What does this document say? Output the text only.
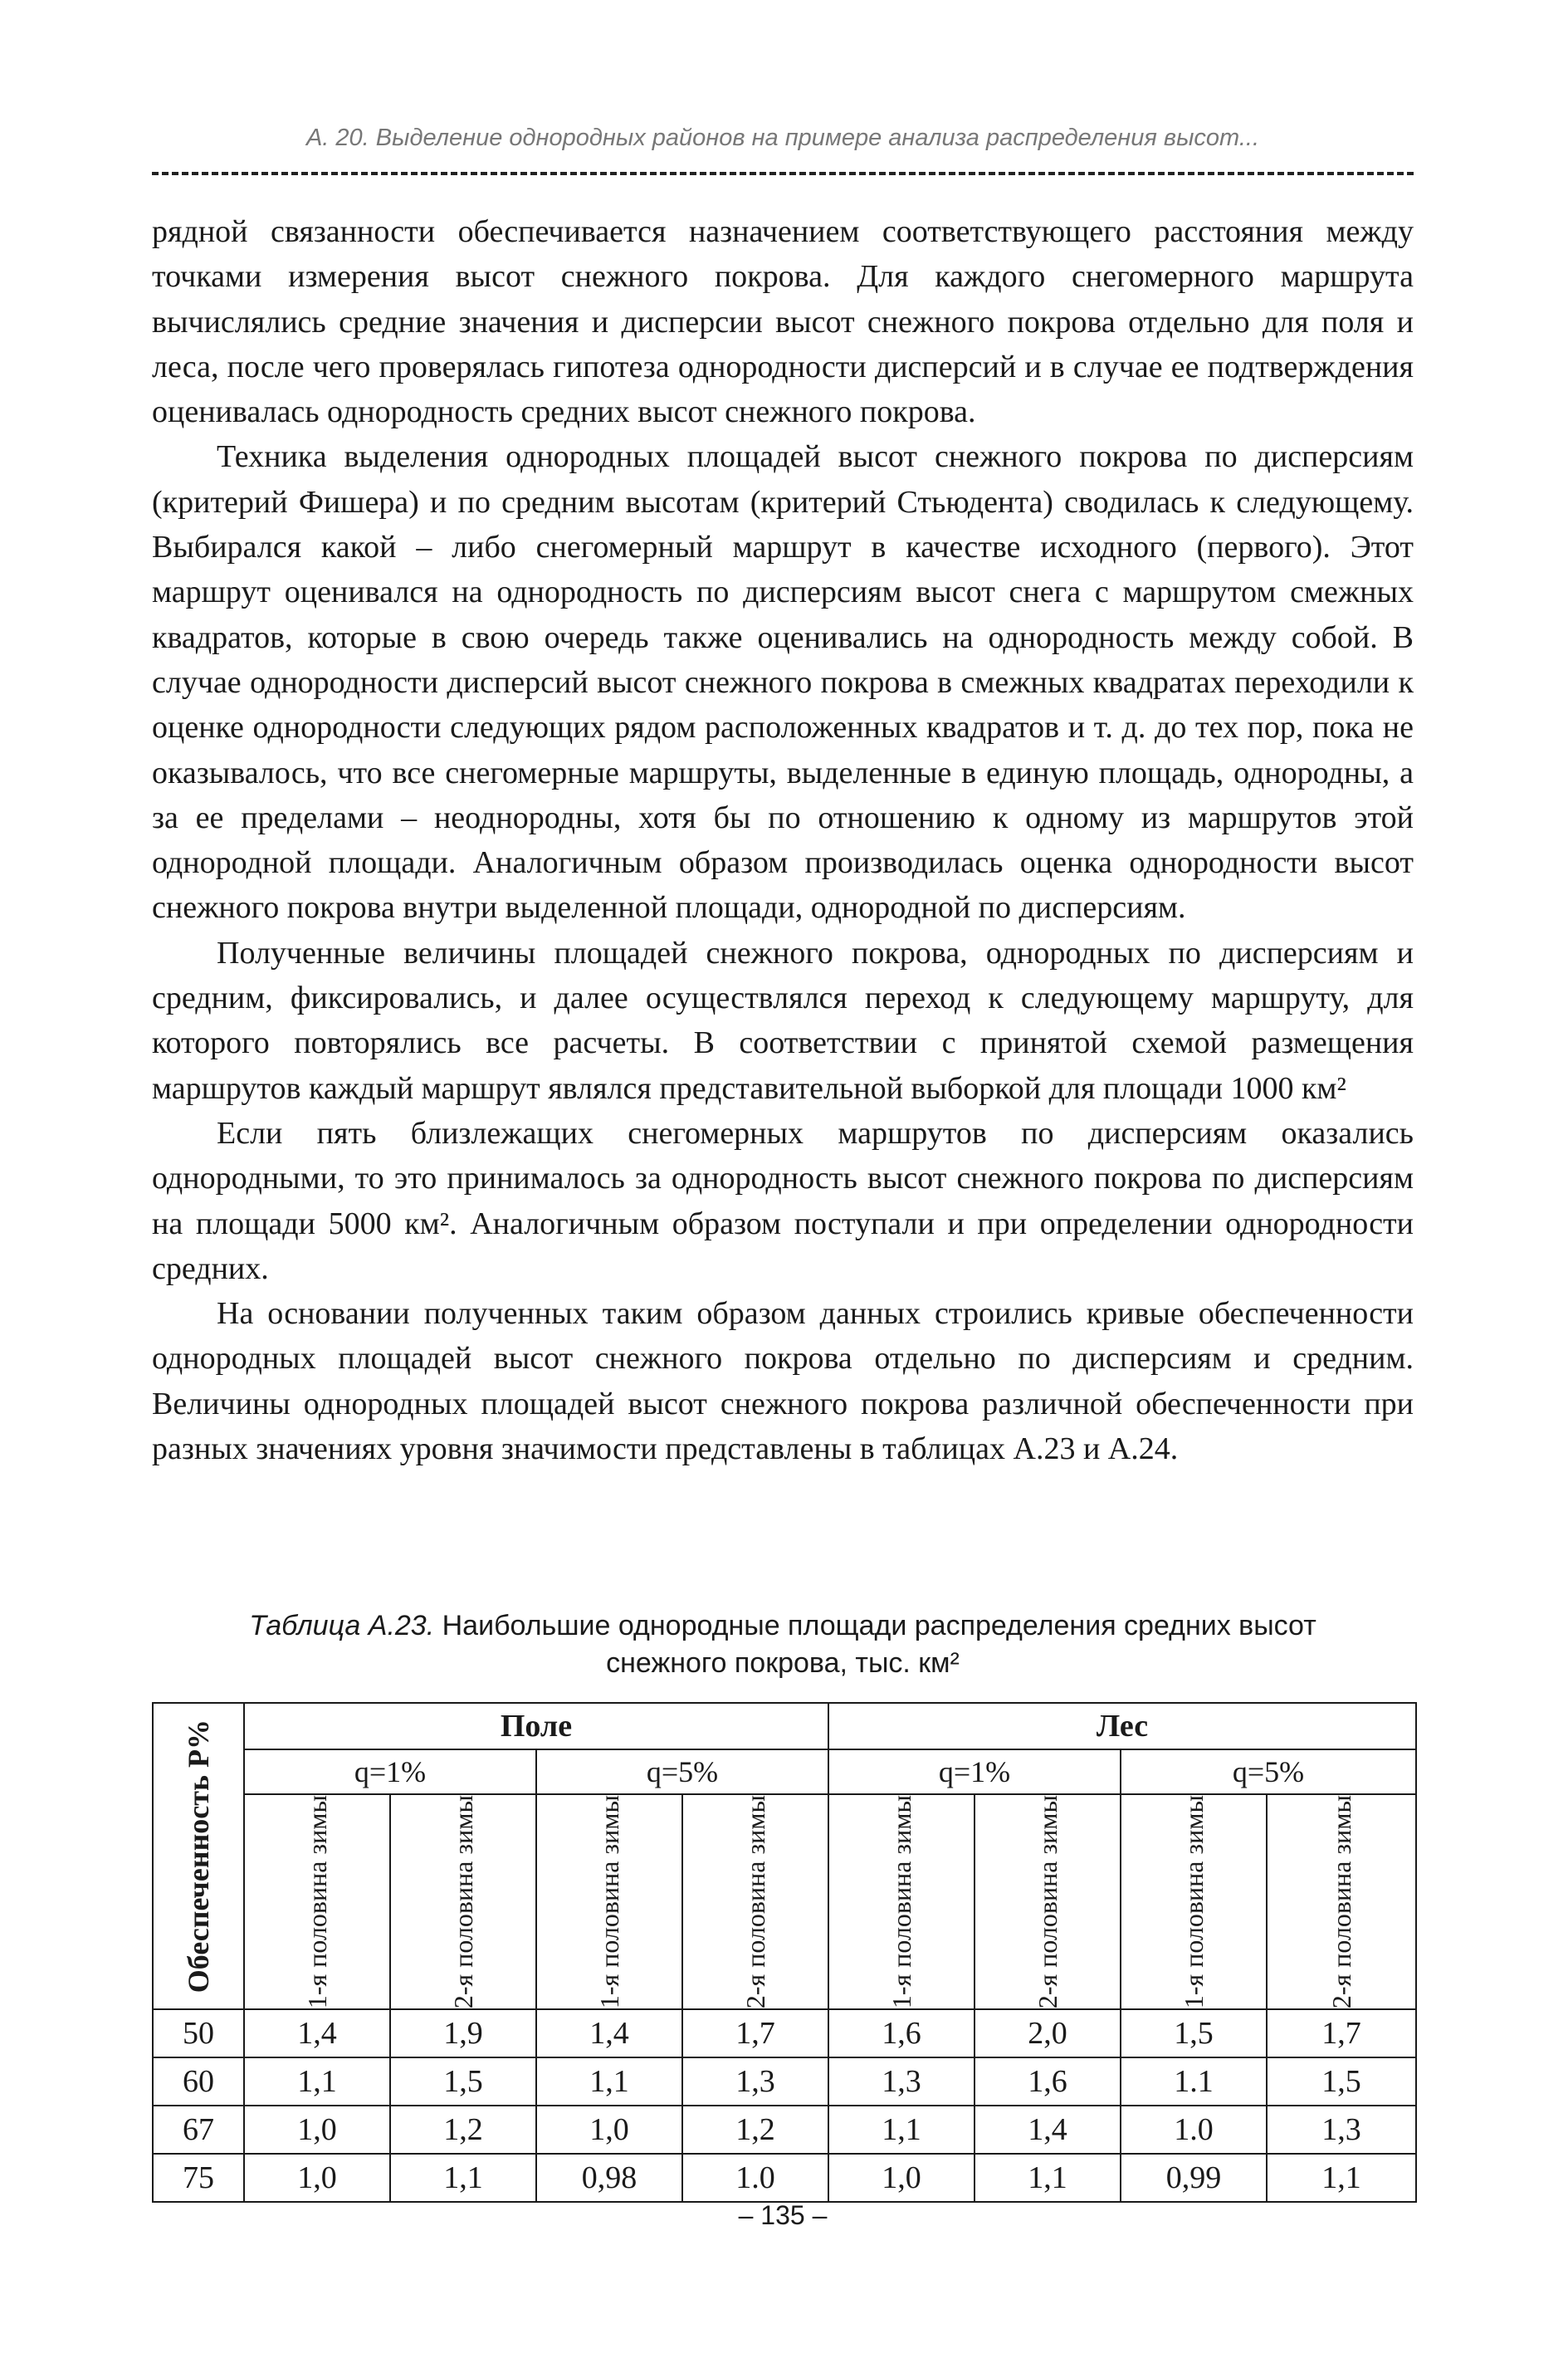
А. 20. Выделение однородных районов на примере анализа распределения высот...

рядной связанности обеспечивается назначением соответствующего расстояния между точками измерения высот снежного покрова. Для каждого снегомерного маршрута вычислялись средние значения и дисперсии высот снежного покрова отдельно для поля и леса, после чего проверялась гипотеза однородности дисперсий и в случае ее подтверждения оценивалась однородность средних высот снежного покрова.

Техника выделения однородных площадей высот снежного покрова по дисперсиям (критерий Фишера) и по средним высотам (критерий Стьюдента) сводилась к следующему. Выбирался какой – либо снегомерный маршрут в качестве исходного (первого). Этот маршрут оценивался на однородность по дисперсиям высот снега с маршрутом смежных квадратов, которые в свою очередь также оценивались на однородность между собой. В случае однородности дисперсий высот снежного покрова в смежных квадратах переходили к оценке однородности следующих рядом расположенных квадратов и т. д. до тех пор, пока не оказывалось, что все снегомерные маршруты, выделенные в единую площадь, однородны, а за ее пределами – неоднородны, хотя бы по отношению к одному из маршрутов этой однородной площади. Аналогичным образом производилась оценка однородности высот снежного покрова внутри выделенной площади, однородной по дисперсиям.

Полученные величины площадей снежного покрова, однородных по дисперсиям и средним, фиксировались, и далее осуществлялся переход к следующему маршруту, для которого повторялись все расчеты. В соответствии с принятой схемой размещения маршрутов каждый маршрут являлся представительной выборкой для площади 1000 км²

Если пять близлежащих снегомерных маршрутов по дисперсиям оказались однородными, то это принималось за однородность высот снежного покрова по дисперсиям на площади 5000 км². Аналогичным образом поступали и при определении однородности средних.

На основании полученных таким образом данных строились кривые обеспеченности однородных площадей высот снежного покрова отдельно по дисперсиям и средним. Величины однородных площадей высот снежного покрова различной обеспеченности при разных значениях уровня значимости представлены в таблицах А.23 и А.24.

Таблица А.23. Наибольшие однородные площади распределения средних высот
снежного покрова, тыс. км²
Обеспеченность Р%	Поле				Лес			
	q=1%		q=5%		q=1%		q=5%	

	1-я половина зимы	2-я половина зимы	1-я половина зимы	2-я половина зимы	1-я половина зимы	2-я половина зимы	1-я половина зимы	2-я половина зимы

50	1,4	1,9	1,4	1,7	1,6	2,0	1,5	1,7
60	1,1	1,5	1,1	1,3	1,3	1,6	1.1	1,5
67	1,0	1,2	1,0	1,2	1,1	1,4	1.0	1,3
75	1,0	1,1	0,98	1.0	1,0	1,1	0,99	1,1
– 135 –
